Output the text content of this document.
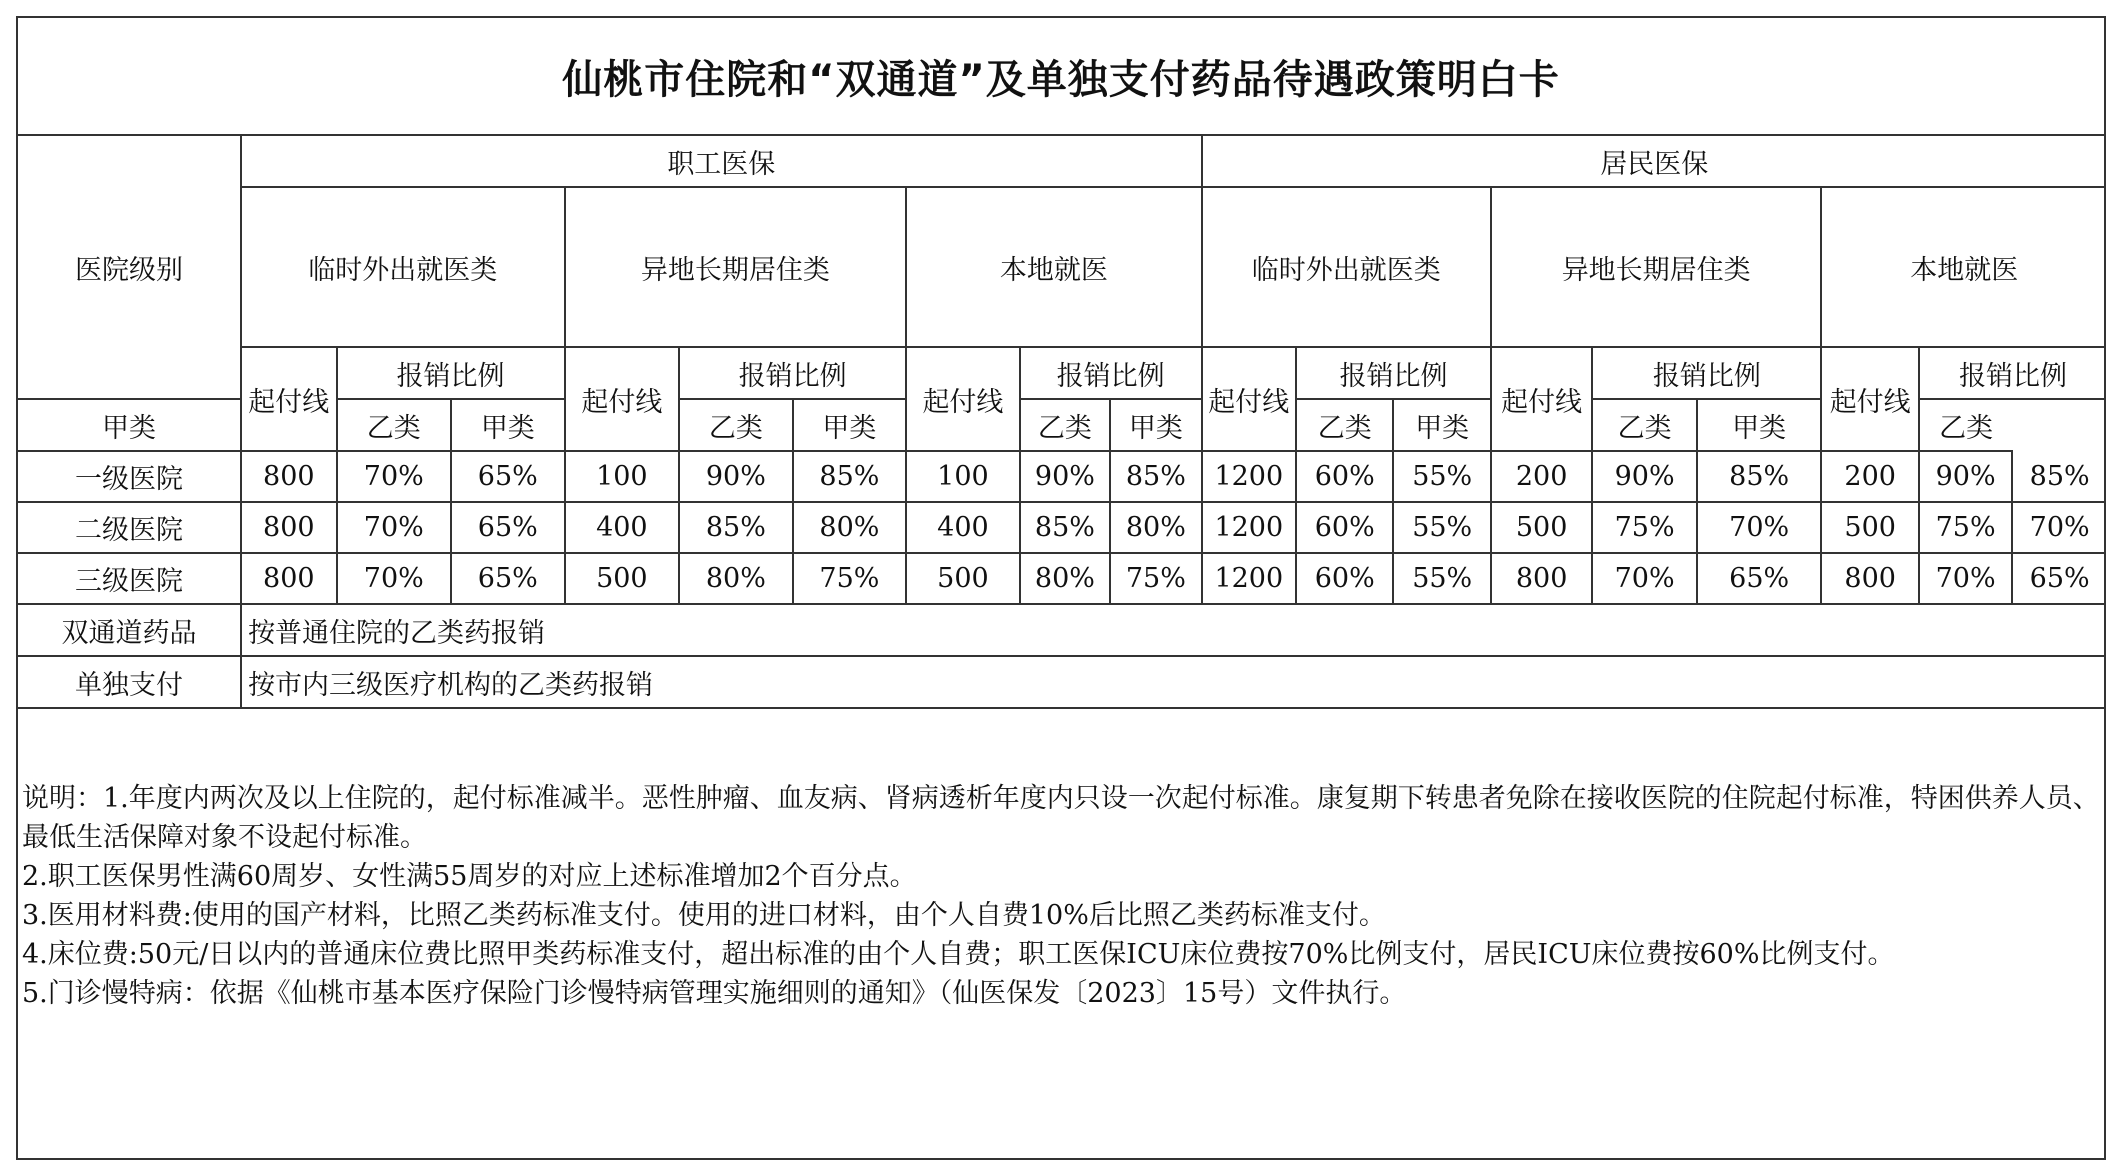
仙桃市住院和“双通道”及单独支付药品待遇政策明白卡
医院级别	职工医保									居民医保								
	临时外出就医类			异地长期居住类			本地就医			临时外出就医类			异地长期居住类			本地就医		
	起付线	报销比例		起付线	报销比例		起付线	报销比例		起付线	报销比例		起付线	报销比例		起付线	报销比例	
甲类		乙类	甲类		乙类	甲类		乙类	甲类		乙类	甲类		乙类	甲类		乙类	
一级医院	800	70%	65%	100	90%	85%	100	90%	85%	1200	60%	55%	200	90%	85%	200	90%	85%
二级医院	800	70%	65%	400	85%	80%	400	85%	80%	1200	60%	55%	500	75%	70%	500	75%	70%
三级医院	800	70%	65%	500	80%	75%	500	80%	75%	1200	60%	55%	800	70%	65%	800	70%	65%
双通道药品	按普通住院的乙类药报销																	
单独支付	按市内三级医疗机构的乙类药报销																	

说明：1.年度内两次及以上住院的，起付标准减半。恶性肿瘤、血友病、肾病透析年度内只设一次起付标准。康复期下转患者免除在接收医院的住院起付标准，特困供养人员、最低生活保障对象不设起付标准。

2.职工医保男性满60周岁、女性满55周岁的对应上述标准增加2个百分点。

3.医用材料费:使用的国产材料，比照乙类药标准支付。使用的进口材料，由个人自费10%后比照乙类药标准支付。

4.床位费:50元/日以内的普通床位费比照甲类药标准支付，超出标准的由个人自费；职工医保ICU床位费按70%比例支付，居民ICU床位费按60%比例支付。

5.门诊慢特病：依据《仙桃市基本医疗保险门诊慢特病管理实施细则的通知》（仙医保发〔2023〕15号）文件执行。
